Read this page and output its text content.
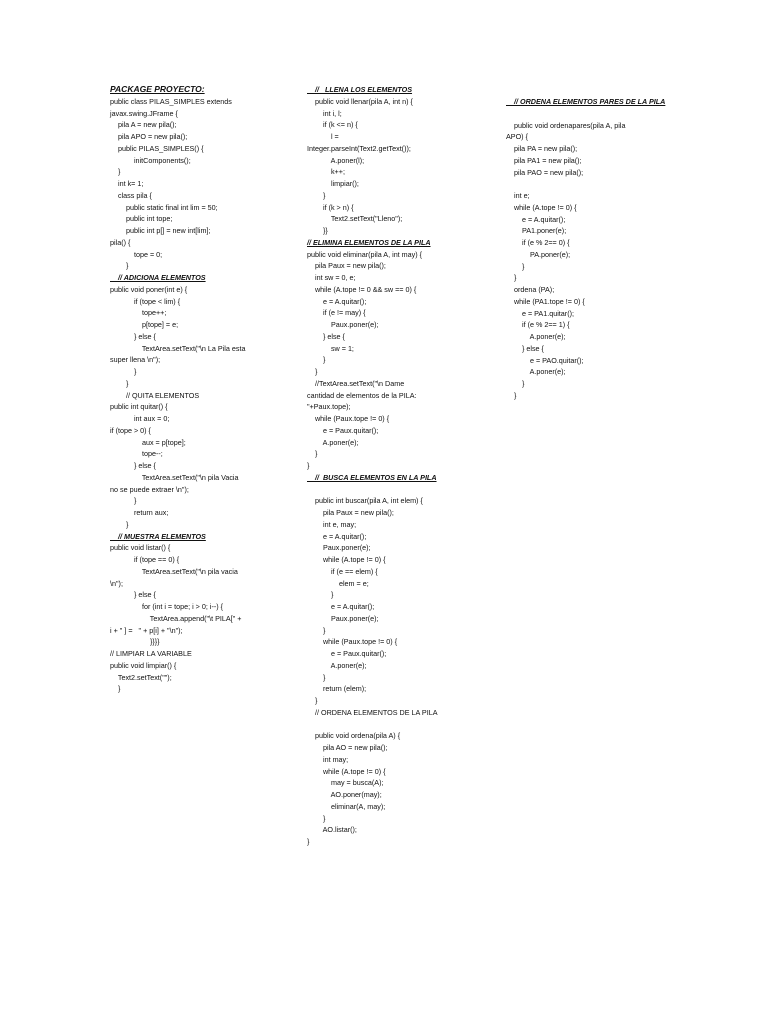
PACKAGE PROYECTO:
public class PILAS_SIMPLES extends
javax.swing.JFrame {
pila A = new pila();
pila APO = new pila();
public PILAS_SIMPLES() {
initComponents();
}
int k= 1;
class pila {
public static final int lim = 50;
public int tope;
public int p[] = new int[lim];
pila() {
tope = 0;
}
// ADICIONA ELEMENTOS
public void poner(int e) {
if (tope < lim) {
tope++;
p[tope] = e;
} else {
TextArea.setText("\n La Pila esta
super llena \n");
}
}
// QUITA ELEMENTOS
public int quitar() {
int aux = 0;
if (tope > 0) {
aux = p[tope];
tope--;
} else {
TextArea.setText("\n pila Vacia
no se puede extraer \n");
}
return aux;
}
// MUESTRA ELEMENTOS
public void listar() {
if (tope == 0) {
TextArea.setText("\n pila vacia
\n");
} else {
for (int i = tope; i > 0; i--) {
TextArea.append("\t PILA[" +
i + " ] =   " + p[i] + "\n");
}}}}
// LIMPIAR LA VARIABLE
public void limpiar() {
Text2.setText("");
}
//   LLENA LOS ELEMENTOS
public void llenar(pila A, int n) {
int i, l;
if (k <= n) {
l =
Integer.parseInt(Text2.getText());
A.poner(l);
k++;
limpiar();
}
if (k > n) {
Text2.setText("Lleno");
}}
// ELIMINA ELEMENTOS DE LA PILA
public void eliminar(pila A, int may) {
pila Paux = new pila();
int sw = 0, e;
while (A.tope != 0 && sw == 0) {
e = A.quitar();
if (e != may) {
Paux.poner(e);
} else {
sw = 1;
}
}
//TextArea.setText("\n Dame
cantidad de elementos de la PILA:
"+Paux.tope);
while (Paux.tope != 0) {
e = Paux.quitar();
A.poner(e);
}
}
//  BUSCA ELEMENTOS EN LA PILA
public int buscar(pila A, int elem) {
pila Paux = new pila();
int e, may;
e = A.quitar();
Paux.poner(e);
while (A.tope != 0) {
if (e == elem) {
elem = e;
}
e = A.quitar();
Paux.poner(e);
}
while (Paux.tope != 0) {
e = Paux.quitar();
A.poner(e);
}
return (elem);
}
// ORDENA ELEMENTOS DE LA PILA
public void ordena(pila A) {
pila AO = new pila();
int may;
while (A.tope != 0) {
may = busca(A);
AO.poner(may);
eliminar(A, may);
}
AO.listar();
}
// ORDENA ELEMENTOS PARES DE LA PILA
public void ordenapares(pila A, pila
APO) {
pila PA = new pila();
pila PA1 = new pila();
pila PAO = new pila();
int e;
while (A.tope != 0) {
e = A.quitar();
PA1.poner(e);
if (e % 2== 0) {
PA.poner(e);
}
}
ordena (PA);
while (PA1.tope != 0) {
e = PA1.quitar();
if (e % 2== 1) {
A.poner(e);
} else {
e = PAO.quitar();
A.poner(e);
}
}
